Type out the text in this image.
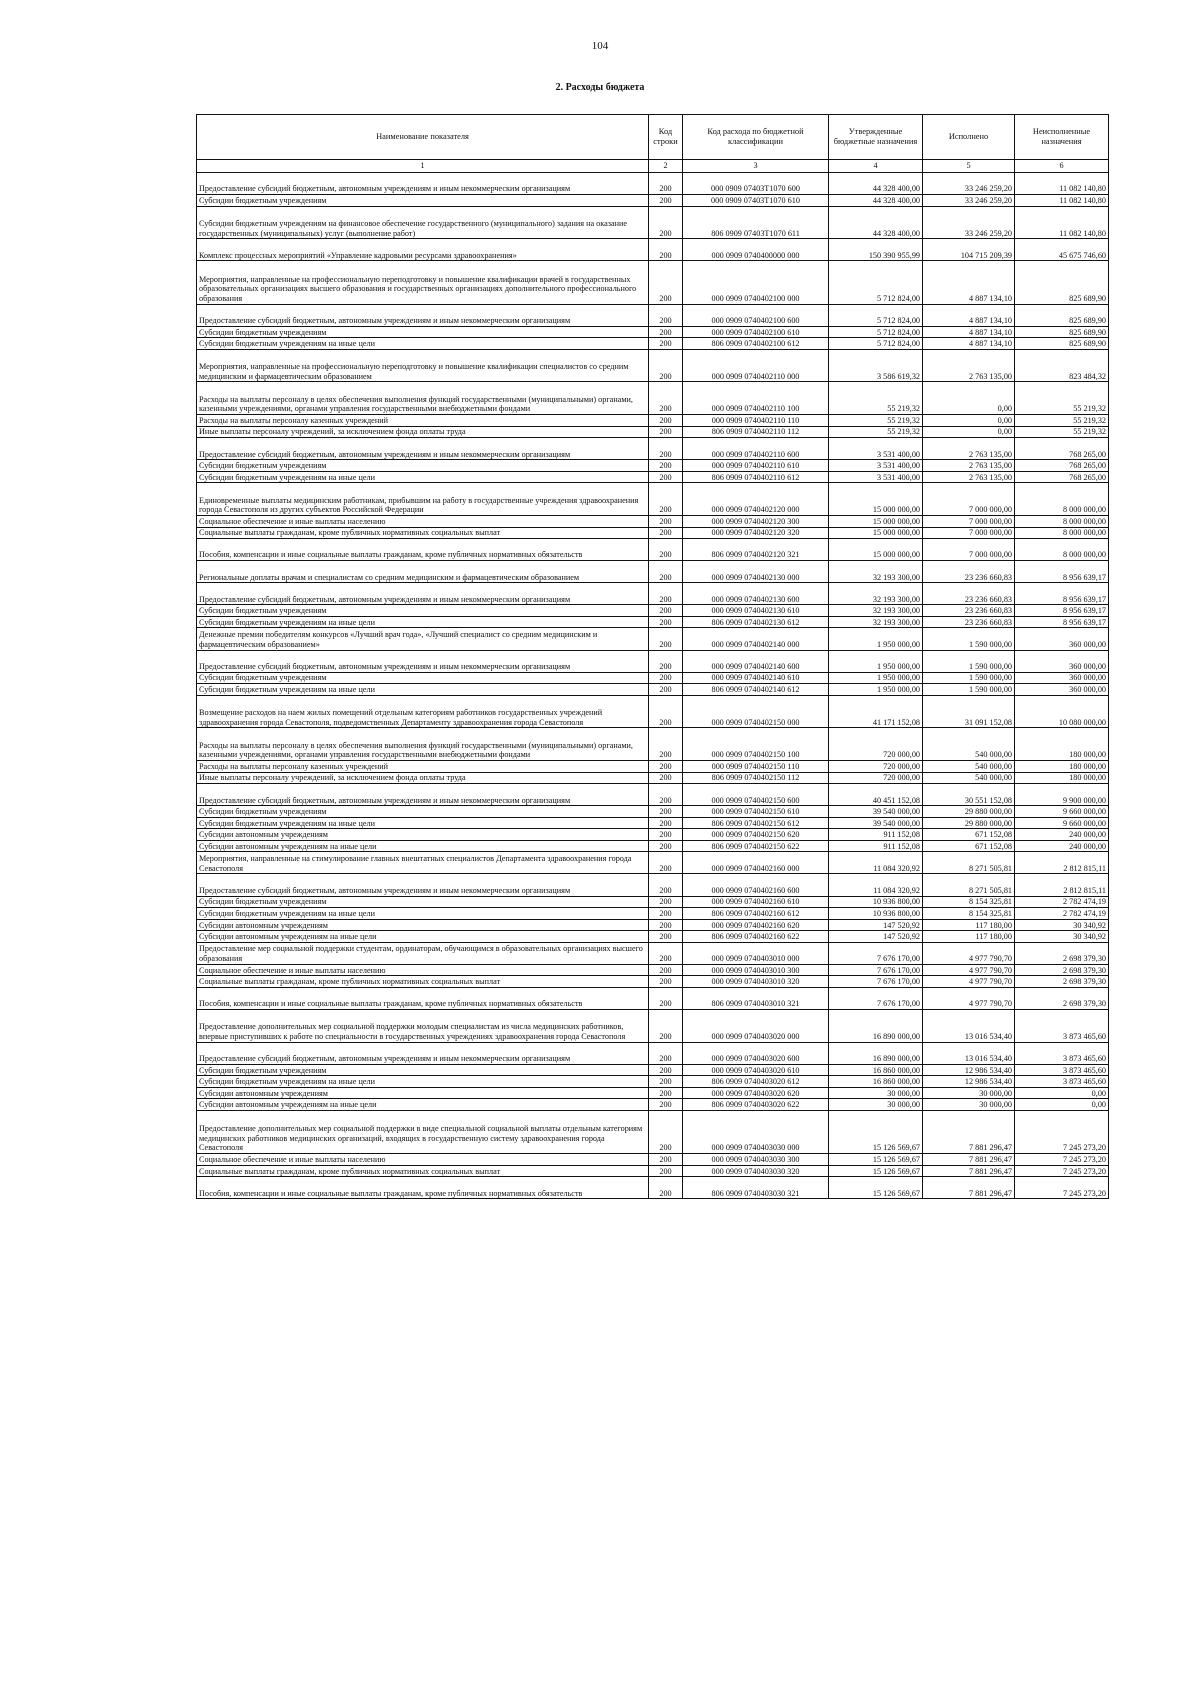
104
2. Расходы бюджета
Наименование показателя	Код строки	Код расхода по бюджетной классификации	Утвержденные бюджетные назначения	Исполнено	Неисполненные назначения
1	2	3	4	5	6
Предоставление субсидий бюджетным, автономным учреждениям и иным некоммерческим организациям	200	000 0909 07403Т1070 600	44 328 400,00	33 246 259,20	11 082 140,80
Субсидии бюджетным учреждениям	200	000 0909 07403Т1070 610	44 328 400,00	33 246 259,20	11 082 140,80
Субсидии бюджетным учреждениям на финансовое обеспечение государственного (муниципального) задания на оказание государственных (муниципальных) услуг (выполнение работ)	200	806 0909 07403Т1070 611	44 328 400,00	33 246 259,20	11 082 140,80
Комплекс процессных мероприятий «Управление кадровыми ресурсами здравоохранения»	200	000 0909 0740400000 000	150 390 955,99	104 715 209,39	45 675 746,60
Мероприятия, направленные на профессиональную переподготовку и повышение квалификации врачей в государственных образовательных организациях высшего образования и государственных организациях дополнительного профессионального образования	200	000 0909 0740402100 000	5 712 824,00	4 887 134,10	825 689,90
Предоставление субсидий бюджетным, автономным учреждениям и иным некоммерческим организациям	200	000 0909 0740402100 600	5 712 824,00	4 887 134,10	825 689,90
Субсидии бюджетным учреждениям	200	000 0909 0740402100 610	5 712 824,00	4 887 134,10	825 689,90
Субсидии бюджетным учреждениям на иные цели	200	806 0909 0740402100 612	5 712 824,00	4 887 134,10	825 689,90
Мероприятия, направленные на профессиональную переподготовку и повышение квалификации специалистов со средним медицинским и фармацевтическим образованием	200	000 0909 0740402110 000	3 586 619,32	2 763 135,00	823 484,32
Расходы на выплаты персоналу в целях обеспечения выполнения функций государственными (муниципальными) органами, казенными учреждениями, органами управления государственными внебюджетными фондами	200	000 0909 0740402110 100	55 219,32	0,00	55 219,32
Расходы на выплаты персоналу казенных учреждений	200	000 0909 0740402110 110	55 219,32	0,00	55 219,32
Иные выплаты персоналу учреждений, за исключением фонда оплаты труда	200	806 0909 0740402110 112	55 219,32	0,00	55 219,32
Предоставление субсидий бюджетным, автономным учреждениям и иным некоммерческим организациям	200	000 0909 0740402110 600	3 531 400,00	2 763 135,00	768 265,00
Субсидии бюджетным учреждениям	200	000 0909 0740402110 610	3 531 400,00	2 763 135,00	768 265,00
Субсидии бюджетным учреждениям на иные цели	200	806 0909 0740402110 612	3 531 400,00	2 763 135,00	768 265,00
Единовременные выплаты медицинским работникам, прибывшим на работу в государственные учреждения здравоохранения города Севастополя из других субъектов Российской Федерации	200	000 0909 0740402120 000	15 000 000,00	7 000 000,00	8 000 000,00
Социальное обеспечение и иные выплаты населению	200	000 0909 0740402120 300	15 000 000,00	7 000 000,00	8 000 000,00
Социальные выплаты гражданам, кроме публичных нормативных социальных выплат	200	000 0909 0740402120 320	15 000 000,00	7 000 000,00	8 000 000,00
Пособия, компенсации и иные социальные выплаты гражданам, кроме публичных нормативных обязательств	200	806 0909 0740402120 321	15 000 000,00	7 000 000,00	8 000 000,00
Региональные доплаты врачам и специалистам со средним медицинским и фармацевтическим образованием	200	000 0909 0740402130 000	32 193 300,00	23 236 660,83	8 956 639,17
Предоставление субсидий бюджетным, автономным учреждениям и иным некоммерческим организациям	200	000 0909 0740402130 600	32 193 300,00	23 236 660,83	8 956 639,17
Субсидии бюджетным учреждениям	200	000 0909 0740402130 610	32 193 300,00	23 236 660,83	8 956 639,17
Субсидии бюджетным учреждениям на иные цели	200	806 0909 0740402130 612	32 193 300,00	23 236 660,83	8 956 639,17
Денежные премии победителям конкурсов «Лучший врач года», «Лучший специалист со средним медицинским и фармацевтическим образованием»	200	000 0909 0740402140 000	1 950 000,00	1 590 000,00	360 000,00
Предоставление субсидий бюджетным, автономным учреждениям и иным некоммерческим организациям	200	000 0909 0740402140 600	1 950 000,00	1 590 000,00	360 000,00
Субсидии бюджетным учреждениям	200	000 0909 0740402140 610	1 950 000,00	1 590 000,00	360 000,00
Субсидии бюджетным учреждениям на иные цели	200	806 0909 0740402140 612	1 950 000,00	1 590 000,00	360 000,00
Возмещение расходов на наем жилых помещений отдельным категориям работников государственных учреждений здравоохранения города Севастополя, подведомственных Департаменту здравоохранения города Севастополя	200	000 0909 0740402150 000	41 171 152,08	31 091 152,08	10 080 000,00
Расходы на выплаты персоналу в целях обеспечения выполнения функций государственными (муниципальными) органами, казенными учреждениями, органами управления государственными внебюджетными фондами	200	000 0909 0740402150 100	720 000,00	540 000,00	180 000,00
Расходы на выплаты персоналу казенных учреждений	200	000 0909 0740402150 110	720 000,00	540 000,00	180 000,00
Иные выплаты персоналу учреждений, за исключением фонда оплаты труда	200	806 0909 0740402150 112	720 000,00	540 000,00	180 000,00
Предоставление субсидий бюджетным, автономным учреждениям и иным некоммерческим организациям	200	000 0909 0740402150 600	40 451 152,08	30 551 152,08	9 900 000,00
Субсидии бюджетным учреждениям	200	000 0909 0740402150 610	39 540 000,00	29 880 000,00	9 660 000,00
Субсидии бюджетным учреждениям на иные цели	200	806 0909 0740402150 612	39 540 000,00	29 880 000,00	9 660 000,00
Субсидии автономным учреждениям	200	000 0909 0740402150 620	911 152,08	671 152,08	240 000,00
Субсидии автономным учреждениям на иные цели	200	806 0909 0740402150 622	911 152,08	671 152,08	240 000,00
Мероприятия, направленные на стимулирование главных внештатных специалистов Департамента здравоохранения города Севастополя	200	000 0909 0740402160 000	11 084 320,92	8 271 505,81	2 812 815,11
Предоставление субсидий бюджетным, автономным учреждениям и иным некоммерческим организациям	200	000 0909 0740402160 600	11 084 320,92	8 271 505,81	2 812 815,11
Субсидии бюджетным учреждениям	200	000 0909 0740402160 610	10 936 800,00	8 154 325,81	2 782 474,19
Субсидии бюджетным учреждениям на иные цели	200	806 0909 0740402160 612	10 936 800,00	8 154 325,81	2 782 474,19
Субсидии автономным учреждениям	200	000 0909 0740402160 620	147 520,92	117 180,00	30 340,92
Субсидии автономным учреждениям на иные цели	200	806 0909 0740402160 622	147 520,92	117 180,00	30 340,92
Предоставление мер социальной поддержки студентам, ординаторам, обучающимся в образовательных организациях высшего образования	200	000 0909 0740403010 000	7 676 170,00	4 977 790,70	2 698 379,30
Социальное обеспечение и иные выплаты населению	200	000 0909 0740403010 300	7 676 170,00	4 977 790,70	2 698 379,30
Социальные выплаты гражданам, кроме публичных нормативных социальных выплат	200	000 0909 0740403010 320	7 676 170,00	4 977 790,70	2 698 379,30
Пособия, компенсации и иные социальные выплаты гражданам, кроме публичных нормативных обязательств	200	806 0909 0740403010 321	7 676 170,00	4 977 790,70	2 698 379,30
Предоставление дополнительных мер социальной поддержки молодым специалистам из числа медицинских работников, впервые приступивших к работе по специальности в государственных учреждениях здравоохранения города Севастополя	200	000 0909 0740403020 000	16 890 000,00	13 016 534,40	3 873 465,60
Предоставление субсидий бюджетным, автономным учреждениям и иным некоммерческим организациям	200	000 0909 0740403020 600	16 890 000,00	13 016 534,40	3 873 465,60
Субсидии бюджетным учреждениям	200	000 0909 0740403020 610	16 860 000,00	12 986 534,40	3 873 465,60
Субсидии бюджетным учреждениям на иные цели	200	806 0909 0740403020 612	16 860 000,00	12 986 534,40	3 873 465,60
Субсидии автономным учреждениям	200	000 0909 0740403020 620	30 000,00	30 000,00	0,00
Субсидии автономным учреждениям на иные цели	200	806 0909 0740403020 622	30 000,00	30 000,00	0,00
Предоставление дополнительных мер социальной поддержки в виде специальной социальной выплаты отдельным категориям медицинских работников медицинских организаций, входящих в государственную систему здравоохранения города Севастополя	200	000 0909 0740403030 000	15 126 569,67	7 881 296,47	7 245 273,20
Социальное обеспечение и иные выплаты населению	200	000 0909 0740403030 300	15 126 569,67	7 881 296,47	7 245 273,20
Социальные выплаты гражданам, кроме публичных нормативных социальных выплат	200	000 0909 0740403030 320	15 126 569,67	7 881 296,47	7 245 273,20
Пособия, компенсации и иные социальные выплаты гражданам, кроме публичных нормативных обязательств	200	806 0909 0740403030 321	15 126 569,67	7 881 296,47	7 245 273,20
